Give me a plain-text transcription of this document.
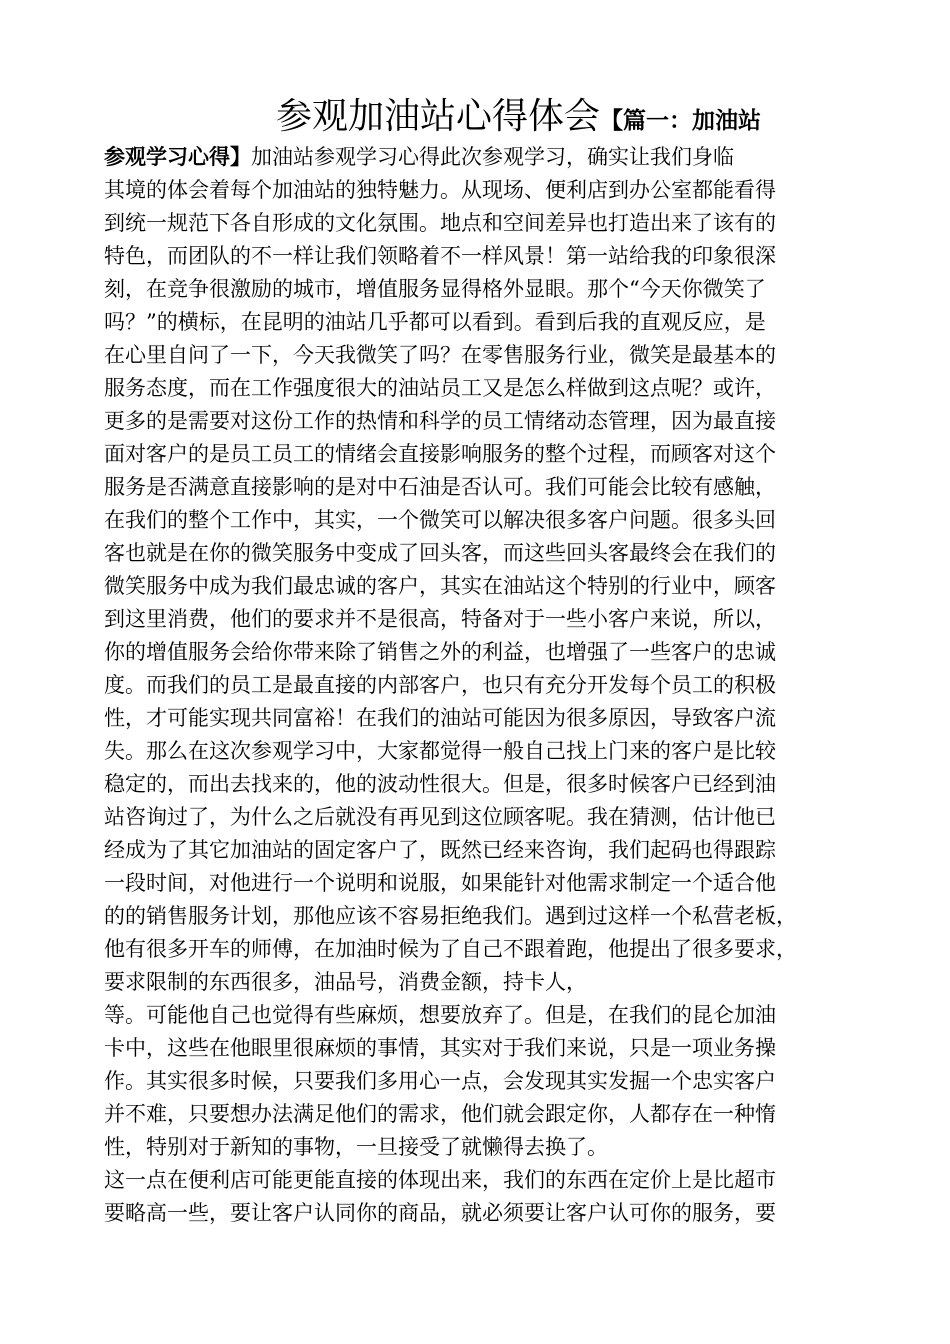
参观加油站心得体会【篇一：加油站
参观学习心得】加油站参观学习心得此次参观学习，确实让我们身临
其境的体会着每个加油站的独特魅力。从现场、便利店到办公室都能看得
到统一规范下各自形成的文化氛围。地点和空间差异也打造出来了该有的
特色，而团队的不一样让我们领略着不一样风景！第一站给我的印象很深
刻，在竞争很激励的城市，增值服务显得格外显眼。那个“今天你微笑了
吗？”的横标，在昆明的油站几乎都可以看到。看到后我的直观反应，是
在心里自问了一下，今天我微笑了吗？在零售服务行业，微笑是最基本的
服务态度，而在工作强度很大的油站员工又是怎么样做到这点呢？或许，
更多的是需要对这份工作的热情和科学的员工情绪动态管理，因为最直接
面对客户的是员工员工的情绪会直接影响服务的整个过程，而顾客对这个
服务是否满意直接影响的是对中石油是否认可。我们可能会比较有感触，
在我们的整个工作中，其实，一个微笑可以解决很多客户问题。很多头回
客也就是在你的微笑服务中变成了回头客，而这些回头客最终会在我们的
微笑服务中成为我们最忠诚的客户，其实在油站这个特别的行业中，顾客
到这里消费，他们的要求并不是很高，特备对于一些小客户来说，所以，
你的增值服务会给你带来除了销售之外的利益，也增强了一些客户的忠诚
度。而我们的员工是最直接的内部客户，也只有充分开发每个员工的积极
性，才可能实现共同富裕！在我们的油站可能因为很多原因，导致客户流
失。那么在这次参观学习中，大家都觉得一般自己找上门来的客户是比较
稳定的，而出去找来的，他的波动性很大。但是，很多时候客户已经到油
站咨询过了，为什么之后就没有再见到这位顾客呢。我在猜测，估计他已
经成为了其它加油站的固定客户了，既然已经来咨询，我们起码也得跟踪
一段时间，对他进行一个说明和说服，如果能针对他需求制定一个适合他
的的销售服务计划，那他应该不容易拒绝我们。遇到过这样一个私营老板，
他有很多开车的师傅，在加油时候为了自己不跟着跑，他提出了很多要求，
要求限制的东西很多，油品号，消费金额，持卡人，
等。可能他自己也觉得有些麻烦，想要放弃了。但是，在我们的昆仑加油
卡中，这些在他眼里很麻烦的事情，其实对于我们来说，只是一项业务操
作。其实很多时候，只要我们多用心一点，会发现其实发掘一个忠实客户
并不难，只要想办法满足他们的需求，他们就会跟定你，人都存在一种惰
性，特别对于新知的事物，一旦接受了就懒得去换了。
这一点在便利店可能更能直接的体现出来，我们的东西在定价上是比超市
要略高一些，要让客户认同你的商品，就必须要让客户认可你的服务，要
